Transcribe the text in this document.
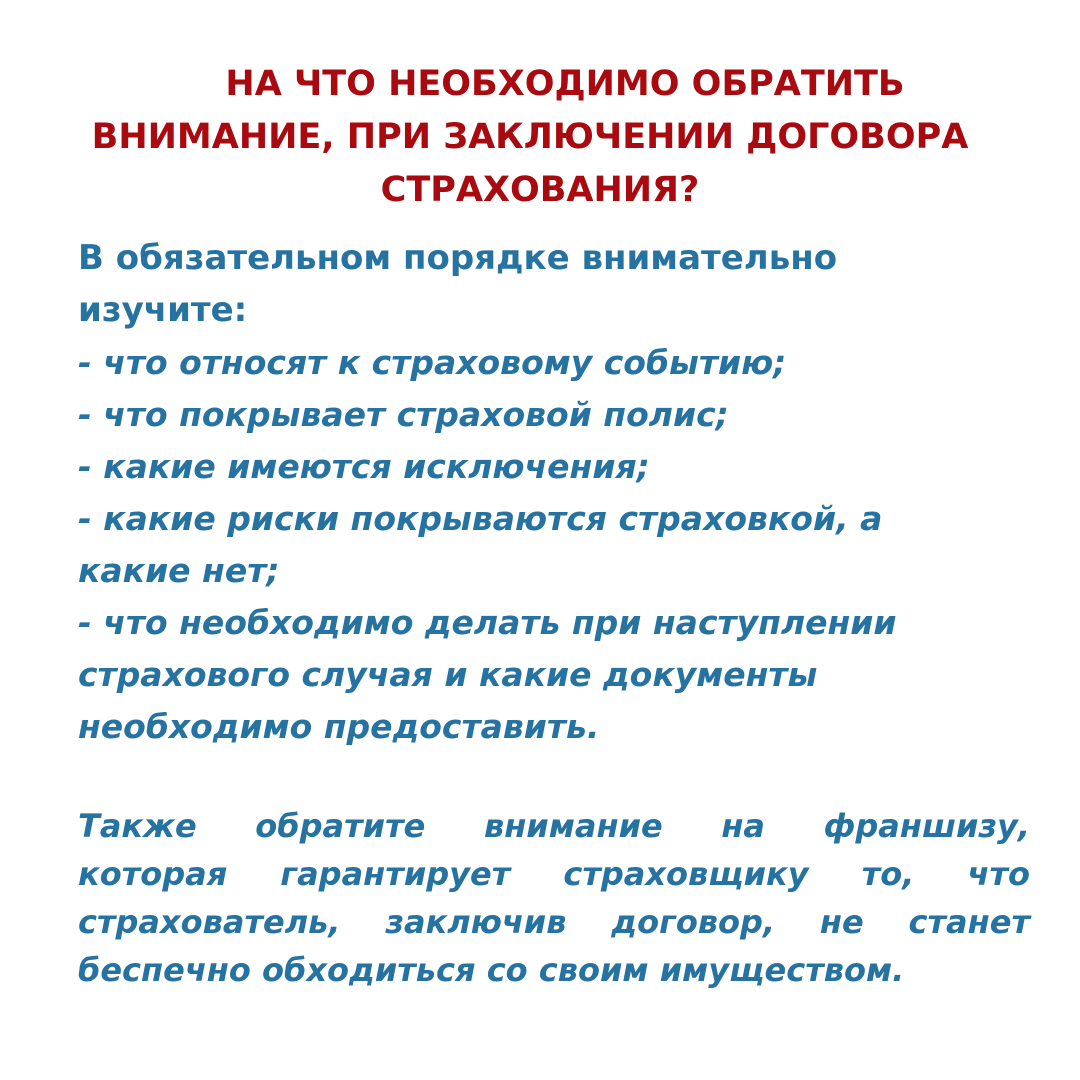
НА ЧТО НЕОБХОДИМО ОБРАТИТЬ
ВНИМАНИЕ, ПРИ ЗАКЛЮЧЕНИИ ДОГОВОРА
СТРАХОВАНИЯ?
В обязательном порядке внимательно
изучите:
- что относят к страховому событию;
- что покрывает страховой полис;
- какие имеются исключения;
- какие риски покрываются страховкой, а
какие нет;
- что необходимо делать при наступлении
страхового случая и какие документы
необходимо предоставить.
Также обратите внимание на франшизу,
которая гарантирует страховщику то, что
страхователь, заключив договор, не станет
беспечно обходиться со своим имуществом.
